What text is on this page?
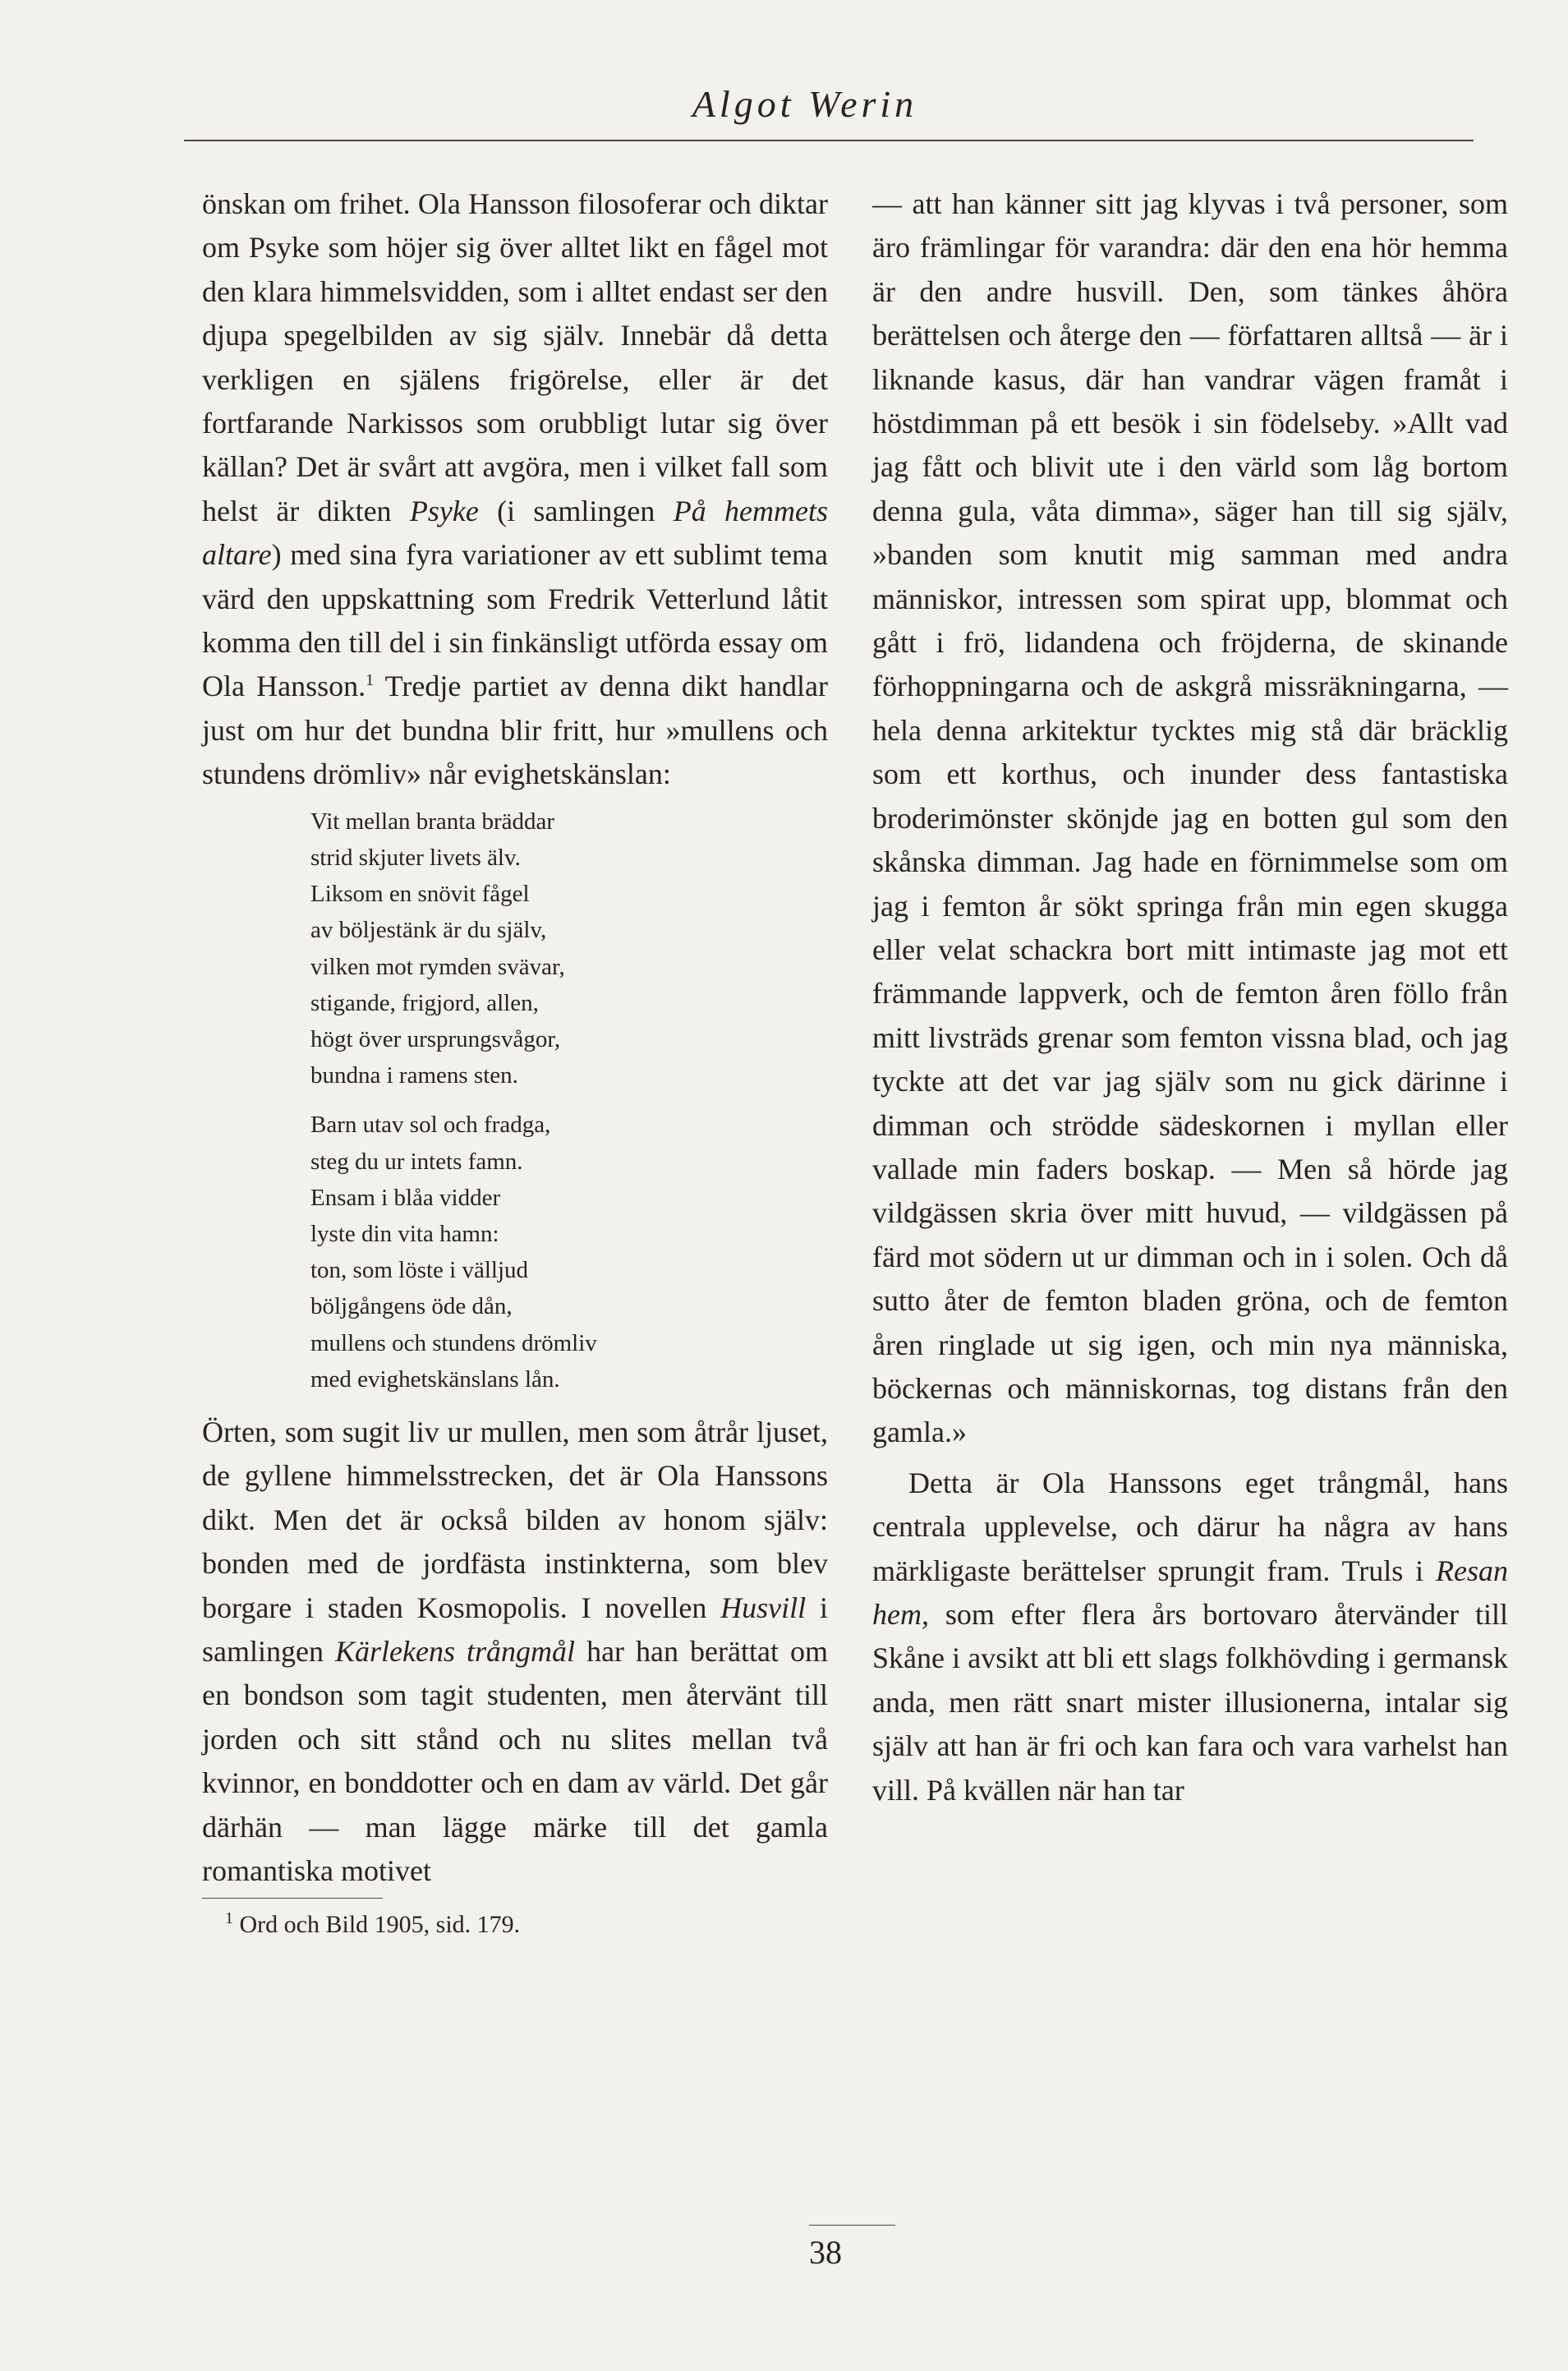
Algot Werin

önskan om frihet. Ola Hansson filosoferar och diktar om Psyke som höjer sig över alltet likt en fågel mot den klara himmelsvidden, som i alltet endast ser den djupa spegelbilden av sig själv. Innebär då detta verkligen en själens frigörelse, eller är det fortfarande Narkissos som orubbligt lutar sig över källan? Det är svårt att avgöra, men i vilket fall som helst är dikten Psyke (i samlingen På hemmets altare) med sina fyra variationer av ett sublimt tema värd den uppskattning som Fredrik Vetterlund låtit komma den till del i sin finkänsligt utförda essay om Ola Hansson.$^1$ Tredje partiet av denna dikt handlar just om hur det bundna blir fritt, hur »mullens och stundens drömliv» når evighetskänslan:

Vit mellan branta bräddar
strid skjuter livets älv.
Liksom en snövit fågel
av böljestänk är du själv,
vilken mot rymden svävar,
stigande, frigjord, allen,
högt över ursprungsvågor,
bundna i ramens sten.
Barn utav sol och fradga,
steg du ur intets famn.
Ensam i blåa vidder
lyste din vita hamn:
ton, som löste i välljud
böljgångens öde dån,
mullens och stundens drömliv
med evighetskänslans lån.

Örten, som sugit liv ur mullen, men som åtrår ljuset, de gyllene himmelsstrecken, det är Ola Hanssons dikt. Men det är också bilden av honom själv: bonden med de jordfästa instinkterna, som blev borgare i staden Kosmopolis. I novellen Husvill i samlingen Kärlekens trångmål har han berättat om en bondson som tagit studenten, men återvänt till jorden och sitt stånd och nu slites mellan två kvinnor, en bonddotter och en dam av värld. Det går därhän — man lägge märke till det gamla romantiska motivet

$^1$ Ord och Bild 1905, sid. 179.

— att han känner sitt jag klyvas i två personer, som äro främlingar för varandra: där den ena hör hemma är den andre husvill. Den, som tänkes åhöra berättelsen och återge den — författaren alltså — är i liknande kasus, där han vandrar vägen framåt i höstdimman på ett besök i sin födelseby. »Allt vad jag fått och blivit ute i den värld som låg bortom denna gula, våta dimma», säger han till sig själv, »banden som knutit mig samman med andra människor, intressen som spirat upp, blommat och gått i frö, lidandena och fröjderna, de skinande förhoppningarna och de askgrå missräkningarna, — hela denna arkitektur tycktes mig stå där bräcklig som ett korthus, och inunder dess fantastiska broderimönster skönjde jag en botten gul som den skånska dimman. Jag hade en förnimmelse som om jag i femton år sökt springa från min egen skugga eller velat schackra bort mitt intimaste jag mot ett främmande lappverk, och de femton åren föllo från mitt livsträds grenar som femton vissna blad, och jag tyckte att det var jag själv som nu gick därinne i dimman och strödde sädeskornen i myllan eller vallade min faders boskap. — Men så hörde jag vildgässen skria över mitt huvud, — vildgässen på färd mot södern ut ur dimman och in i solen. Och då sutto åter de femton bladen gröna, och de femton åren ringlade ut sig igen, och min nya människa, böckernas och människornas, tog distans från den gamla.»

Detta är Ola Hanssons eget trångmål, hans centrala upplevelse, och därur ha några av hans märkligaste berättelser sprungit fram. Truls i Resan hem, som efter flera års bortovaro återvänder till Skåne i avsikt att bli ett slags folkhövding i germansk anda, men rätt snart mister illusionerna, intalar sig själv att han är fri och kan fara och vara varhelst han vill. På kvällen när han tar

38
